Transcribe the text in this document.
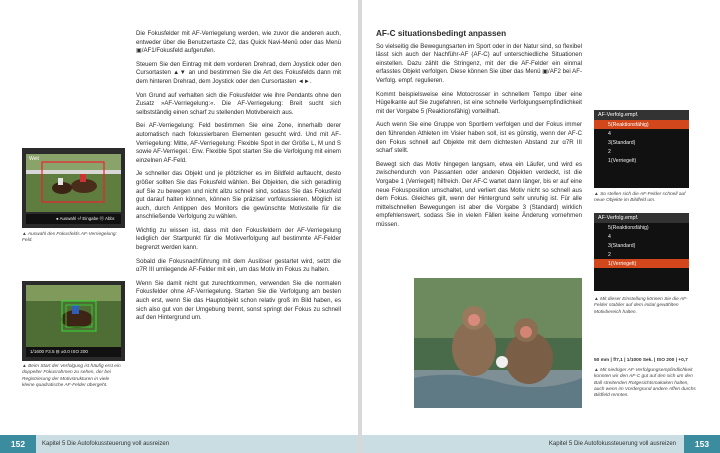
Die Fokusfelder mit AF-Verriegelung werden, wie zuvor die anderen auch, entweder über die Benutzertaste C2, das Quick Navi-Menü oder das Menü ▣/AF1/Fokusfeld aufgerufen.

Steuern Sie den Eintrag mit dem vorderen Drehrad, dem Joystick oder den Cursortasten ▲▼ an und bestimmen Sie die Art des Fokusfelds dann mit dem hinteren Drehrad, dem Joystick oder den Cursortasten ◄►.

Von Grund auf verhalten sich die Fokusfelder wie ihre Pendants ohne den Zusatz »AF-Verriegelung:«. Die AF-Verriegelung: Breit sucht sich selbstständig einen scharf zu stellenden Motivbereich aus.

Bei AF-Verriegelung: Feld bestimmen Sie eine Zone, innerhalb derer automatisch nach fokussierbaren Elementen gesucht wird. Und mit AF-Verriegelung: Mitte, AF-Verriegelung: Flexible Spot in der Größe L, M und S sowie AF-Verriegel.: Erw. Flexible Spot starten Sie die Verfolgung mit einem einzelnen AF-Feld.

Je schneller das Objekt und je plötzlicher es im Bildfeld auftaucht, desto größer sollten Sie das Fokusfeld wählen. Bei Objekten, die sich geradlinig auf Sie zu bewegen und nicht allzu schnell sind, sodass Sie das Fokusfeld gut darauf halten können, können Sie präziser vorfokussieren. Möglich ist auch, durch Antippen des Monitors die gewünschte Motivstelle für die anschließende Verfolgung zu wählen.

Wichtig zu wissen ist, dass mit den Fokusfeldern der AF-Verriegelung lediglich der Startpunkt für die Motivverfolgung auf bestimmte AF-Felder begrenzt werden kann.

Sobald die Fokusnachführung mit dem Auslöser gestartet wird, setzt die α7R III umliegende AF-Felder mit ein, um das Motiv im Fokus zu halten.

Wenn Sie damit nicht gut zurechtkommen, verwenden Sie die normalen Fokusfelder ohne AF-Verriegelung. Starten Sie die Verfolgung am besten auch erst, wenn Sie das Hauptobjekt schon relativ groß im Bild haben, es sich also gut von der Umgebung trennt, sonst springt der Fokus zu schnell auf den Hintergrund um.

Weit
● Auswahl ⏎ Eingabe ⓜ Abbr.
▲ Auswahl des Fokusfelds AF-Verriegelung: Feld.
1/1600 F3.5 ⊟ ±0.0 ISO 200
▲ Beim Start der Verfolgung ist häufig erst ein doppelter Fokusrahmen zu sehen, der bei Registrierung der Motivstrukturen in viele kleine quadratische AF-Felder übergeht.
152	Kapitel 5 Die Autofokussteuerung voll ausreizen
AF-C situationsbedingt anpassen

So vielseitig die Bewegungsarten im Sport oder in der Natur sind, so flexibel lässt sich auch der Nachführ-AF (AF-C) auf unterschiedliche Situationen einstellen. Dazu zählt die Stringenz, mit der die AF-Felder ein einmal erfasstes Objekt verfolgen. Diese können Sie über das Menü ▣/AF2 bei AF-Verfolg. empf. regulieren.

Kommt beispielsweise eine Motocrosser in schnellem Tempo über eine Hügelkante auf Sie zugefahren, ist eine schnelle Verfolgungsempfindlichkeit mit der Vorgabe 5 (Reaktionsfähig) vorteilhaft.

Auch wenn Sie eine Gruppe von Sportlern verfolgen und der Fokus immer den führenden Athleten im Visier haben soll, ist es günstig, wenn der AF-C den Fokus schnell auf Objekte mit dem dichtesten Abstand zur α7R III scharf stellt.

Bewegt sich das Motiv hingegen langsam, etwa ein Läufer, und wird es zwischendurch von Passanten oder anderen Objekten verdeckt, ist die Vorgabe 1 (Verriegelt) hilfreich. Der AF-C wartet dann länger, bis er auf eine neue Fokusposition umschaltet, und verliert das Motiv nicht so schnell aus dem Fokus. Gleiches gilt, wenn der Hintergrund sehr unruhig ist. Für alle mittelschnellen Bewegungen ist aber die Vorgabe 3 (Standard) wirklich empfehlenswert, sodass Sie in vielen Fällen keine Änderung vornehmen müssen.

AF-Verfolg.empf.
5(Reaktionsfähig)
4
3(Standard)
2
1(Verriegelt)
▲ So stellen sich die AF-Felder schnell auf neue Objekte im Bildfeld um.
AF-Verfolg.empf.
5(Reaktionsfähig)
4
3(Standard)
2
1(Verriegelt)
▲ Mit dieser Einstellung können Sie die AF-Felder stabiler auf dem initial gewählten Motivbereich halten.
50 mm | f/7,1 | 1/1000 Sek. | ISO 200 | +0,7
▲ Mit niedriger AF-Verfolgungsempfindlichkeit konnten wir den AF-C gut auf den sich um den Ball streitenden Rotgesichtsmakaken halten, auch wenn im Vordergrund andere Affen durchs Bildfeld rennten.
Kapitel 5 Die Autofokussteuerung voll ausreizen	153
